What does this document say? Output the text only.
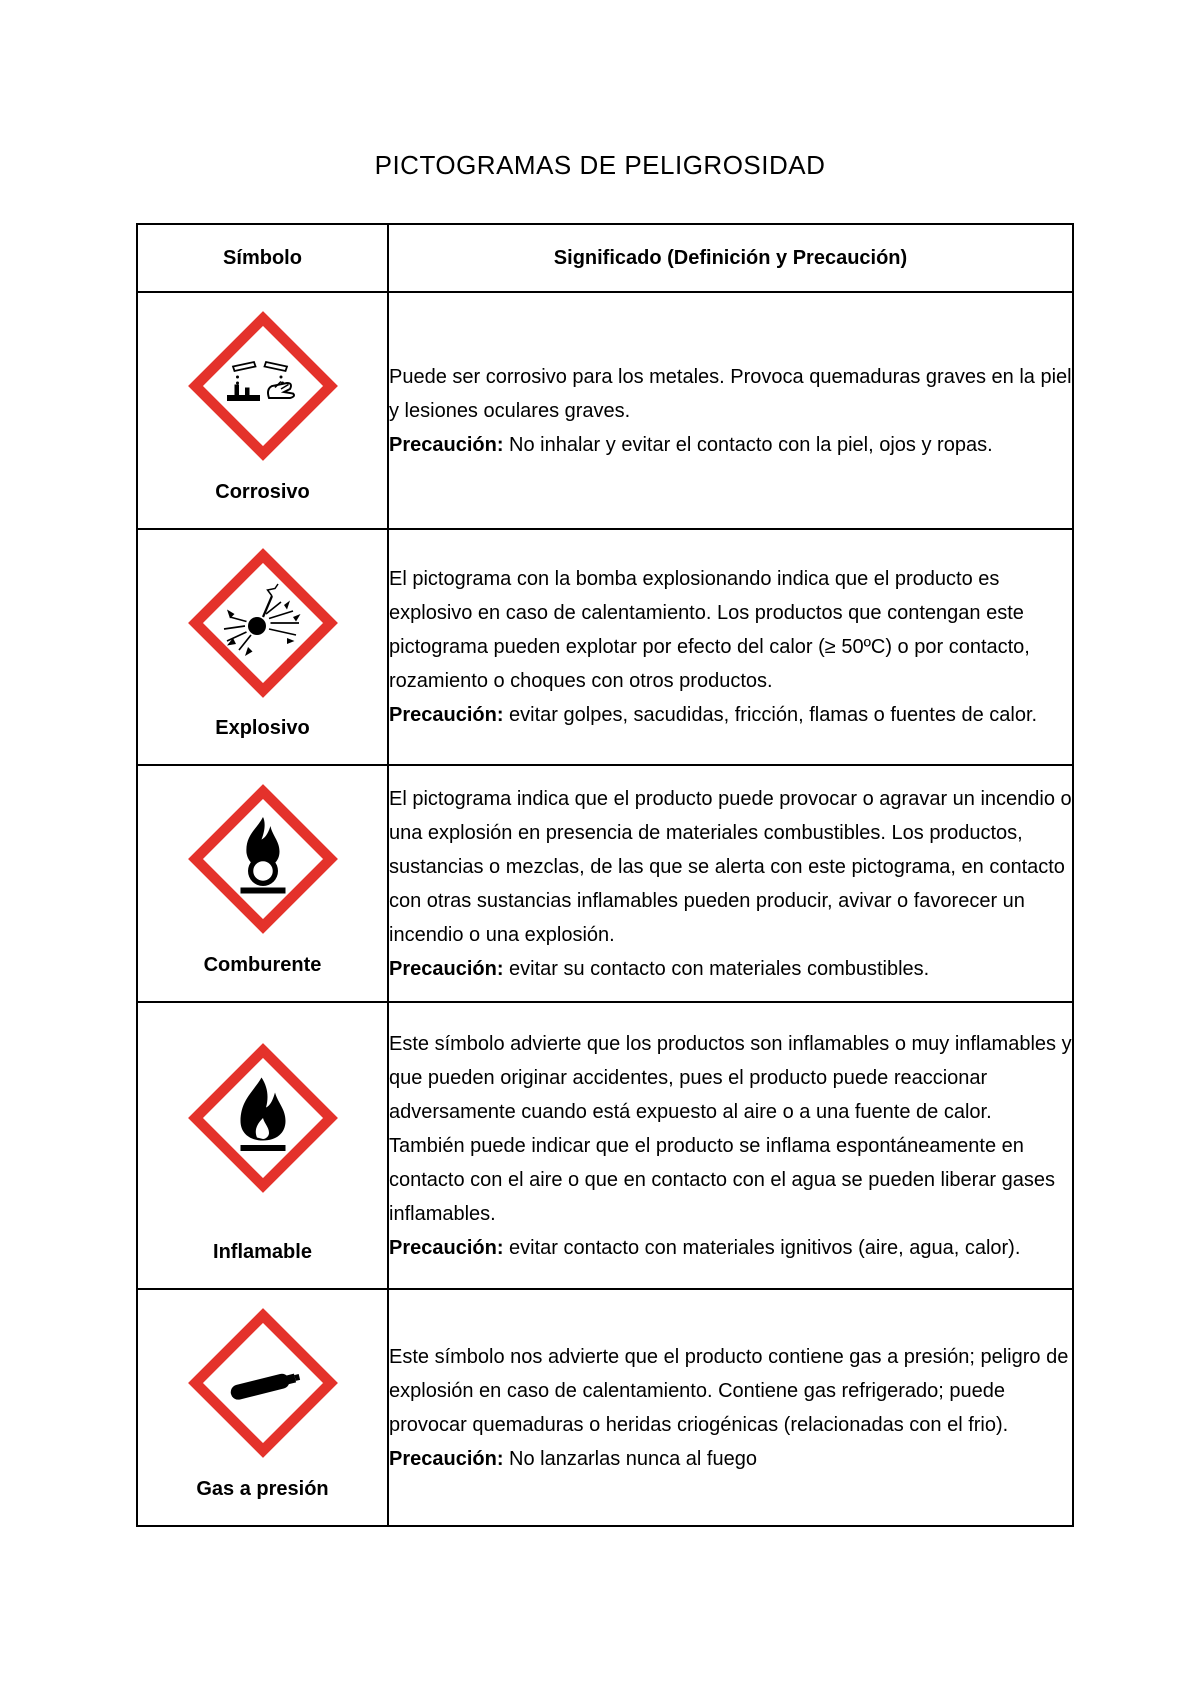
PICTOGRAMAS DE PELIGROSIDAD
Símbolo	Significado (Definición y Precaución)

Corrosivo	Puede ser corrosivo para los metales. Provoca quemaduras graves en la piel y lesiones oculares graves.

Precaución: No inhalar y evitar el contacto con la piel, ojos y ropas.

Explosivo	El pictograma con la bomba explosionando indica que el producto es explosivo en caso de calentamiento. Los productos que contengan este pictograma pueden explotar por efecto del calor (≥ 50ºC) o por contacto, rozamiento o choques con otros productos.

Precaución: evitar golpes, sacudidas, fricción, flamas o fuentes de calor.

Comburente	El pictograma indica que el producto puede provocar o agravar un incendio o una explosión en presencia de materiales combustibles. Los productos, sustancias o mezclas, de las que se alerta con este pictograma, en contacto con otras sustancias inflamables pueden producir, avivar o favorecer un incendio o una explosión.

Precaución: evitar su contacto con materiales combustibles.

Inflamable	Este símbolo advierte que los productos son inflamables o muy inflamables y que pueden originar accidentes, pues el producto puede reaccionar adversamente cuando está expuesto al aire o a una fuente de calor. También puede indicar que el producto se inflama espontáneamente en contacto con el aire o que en contacto con el agua se pueden liberar gases inflamables.

Precaución: evitar contacto con materiales ignitivos (aire, agua, calor).

Gas a presión	Este símbolo nos advierte que el producto contiene gas a presión; peligro de explosión en caso de calentamiento. Contiene gas refrigerado; puede provocar quemaduras o heridas criogénicas (relacionadas con el frio).

Precaución: No lanzarlas nunca al fuego
